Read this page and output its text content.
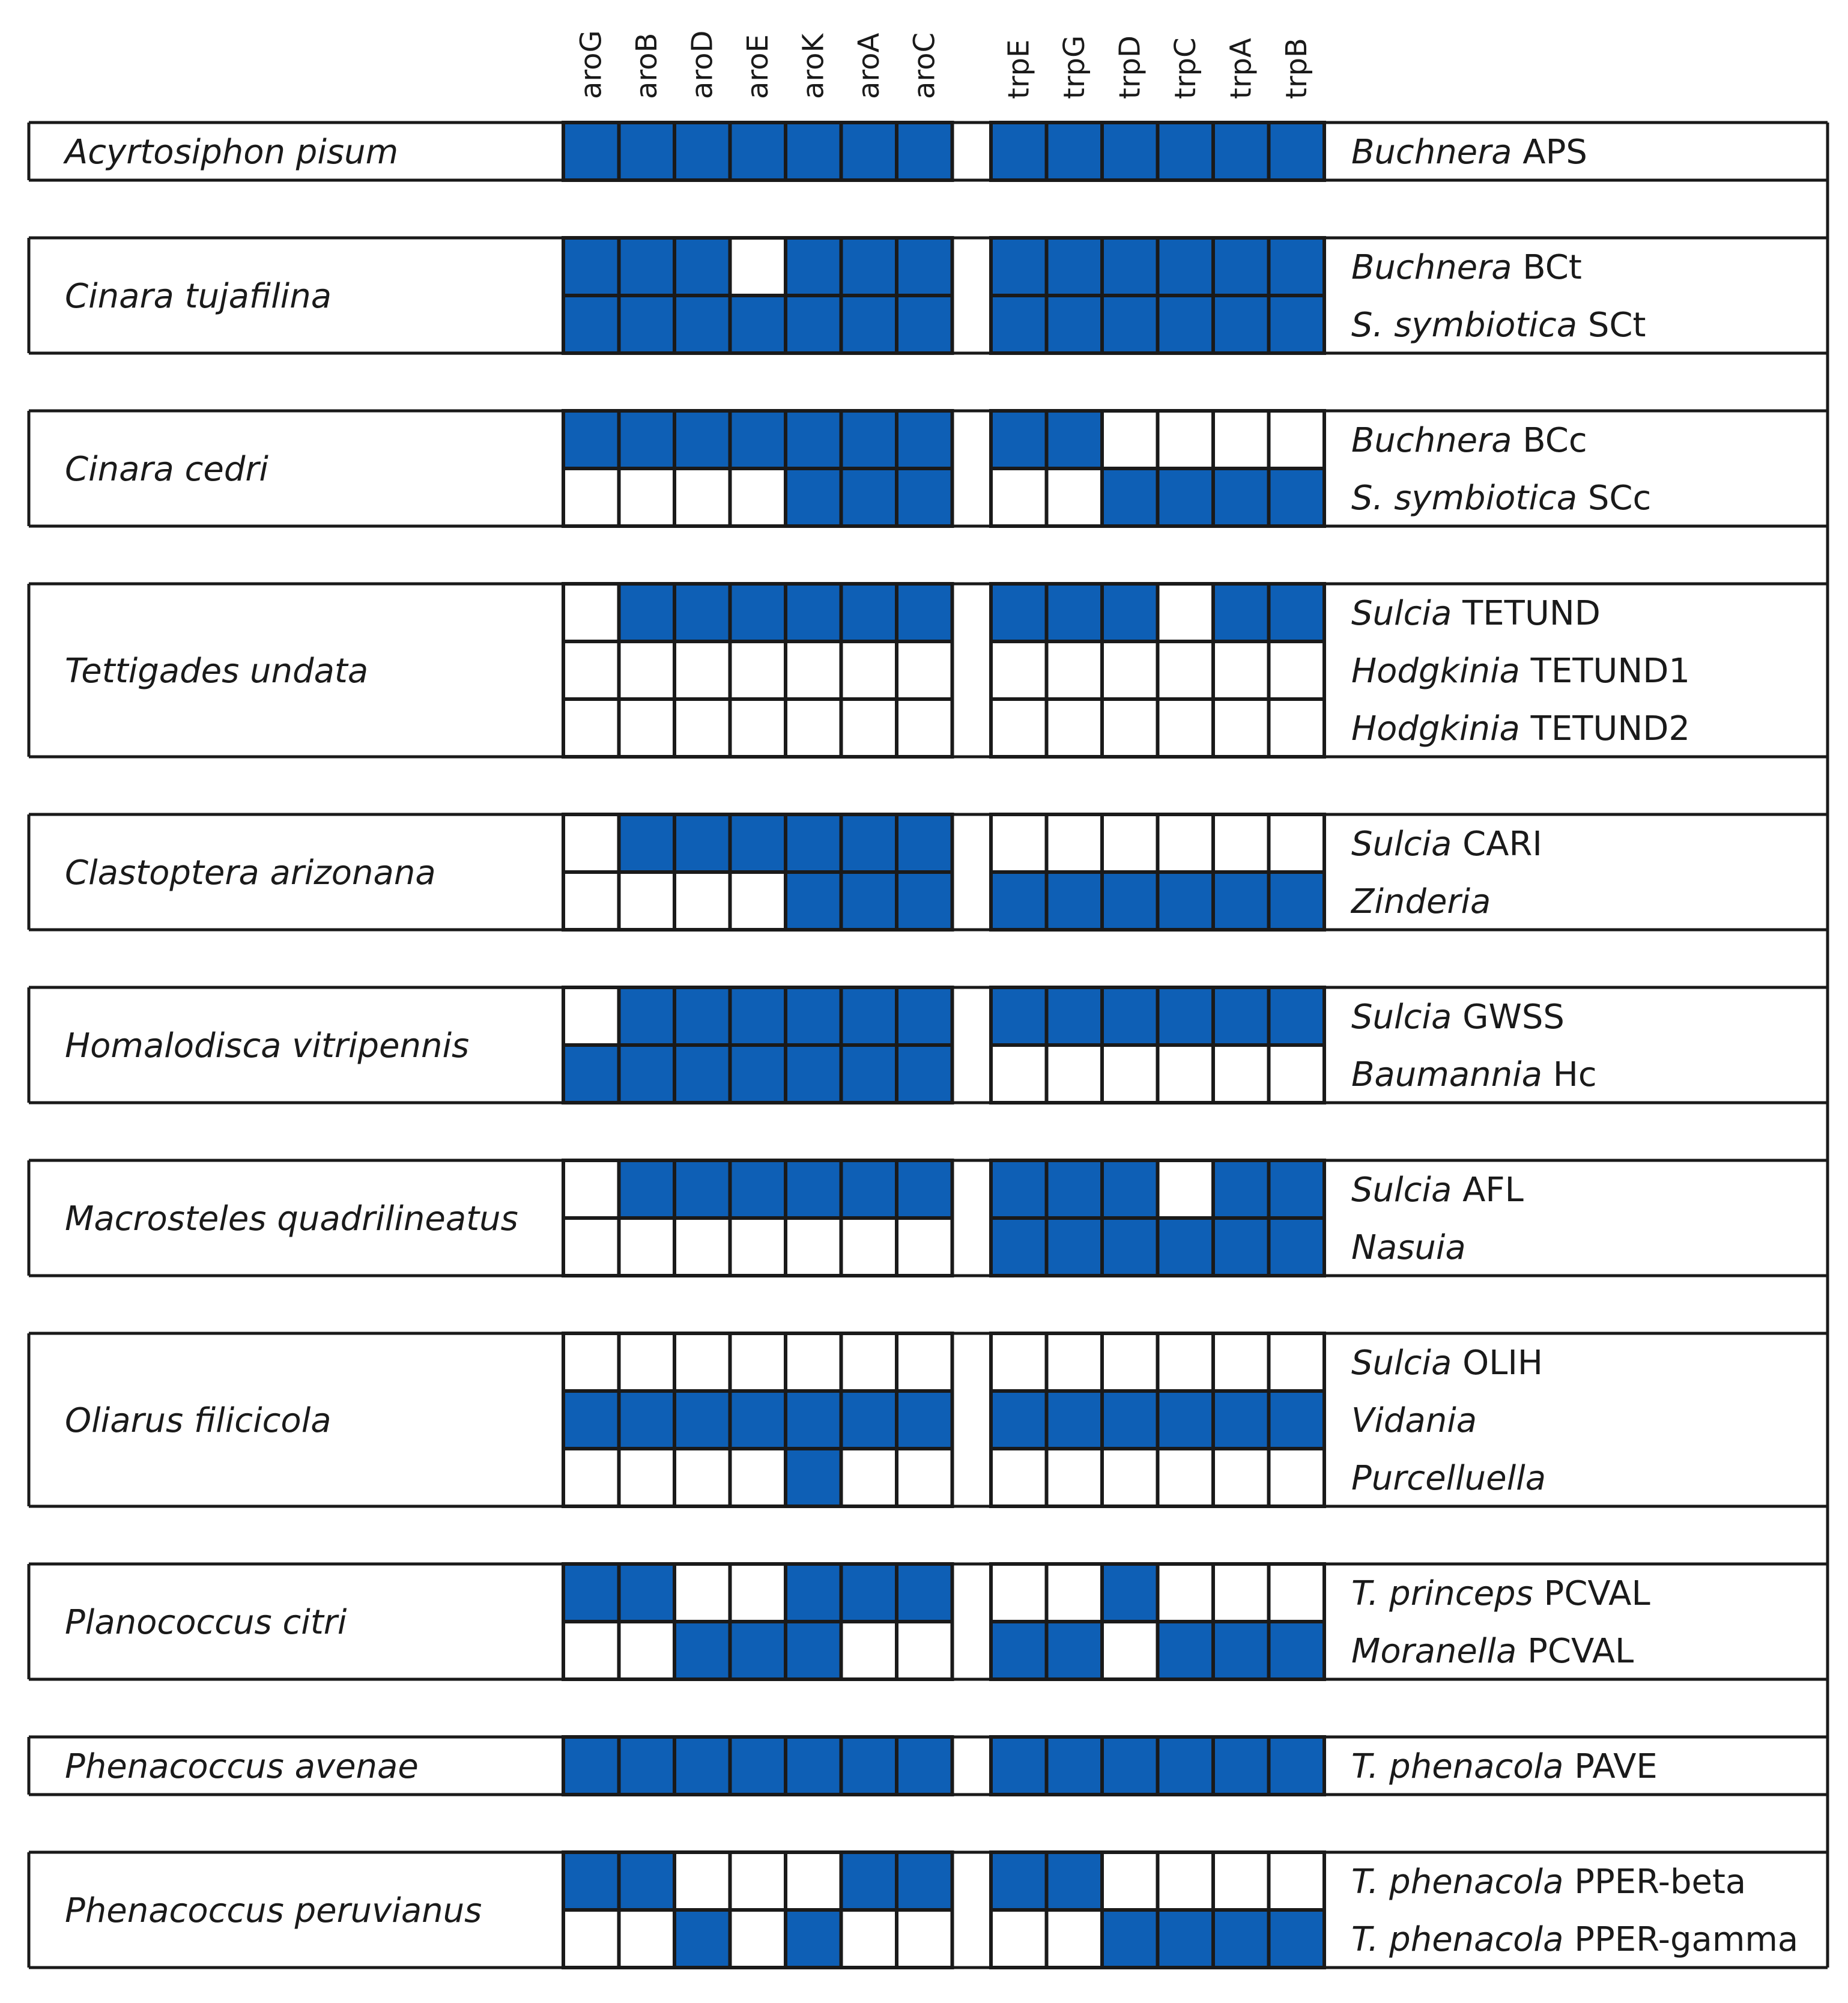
aroG aroB aroD aroE aroK aroA aroC trpE trpG trpD trpC trpA trpB
Acyrtosiphon pisum	Buchnera APS
Cinara tujafilina
Buchnera BCt
S. symbiotica SCt
Cinara cedri
Buchnera BCc
S. symbiotica SCc
Tettigades undata
Sulcia TETUND
Hodgkinia TETUND1
Hodgkinia TETUND2
Clastoptera arizonana
Sulcia CARI
Zinderia
Homalodisca vitripennis
Sulcia GWSS
Baumannia Hc
Macrosteles quadrilineatus
Sulcia AFL
Nasuia
Oliarus filicicola
Sulcia OLIH
Vidania
Purcelluella
Planococcus citri
T. princeps PCVAL
Moranella PCVAL
Phenacoccus avenae	T. phenacola PAVE
Phenacoccus peruvianus
T. phenacola PPER-beta
T. phenacola PPER-gamma
